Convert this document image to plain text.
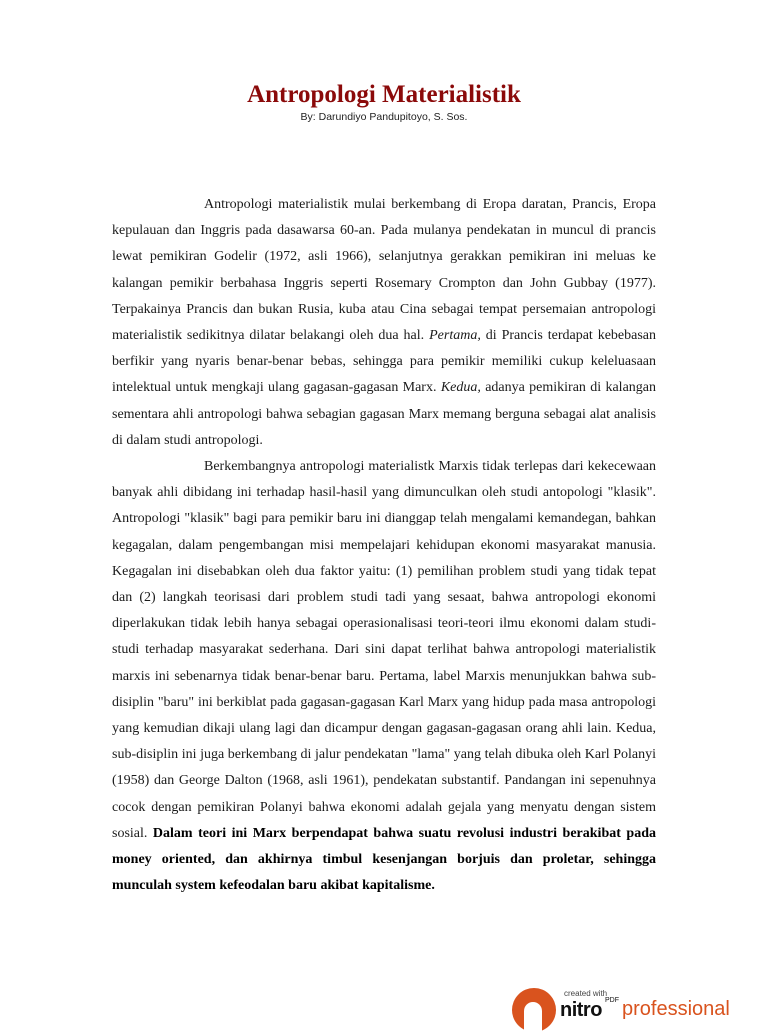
Antropologi Materialistik
By: Darundiyo Pandupitoyo, S. Sos.

Antropologi materialistik mulai berkembang di Eropa daratan, Prancis, Eropa kepulauan dan Inggris pada dasawarsa 60-an. Pada mulanya pendekatan in muncul di prancis lewat pemikiran Godelir (1972, asli 1966), selanjutnya gerakkan pemikiran ini meluas ke kalangan pemikir berbahasa Inggris seperti Rosemary Crompton dan John Gubbay (1977). Terpakainya Prancis dan bukan Rusia, kuba atau Cina sebagai tempat persemaian antropologi materialistik sedikitnya dilatar belakangi oleh dua hal. Pertama, di Prancis terdapat kebebasan berfikir yang nyaris benar-benar bebas, sehingga para pemikir memiliki cukup keleluasaan intelektual untuk mengkaji ulang gagasan-gagasan Marx. Kedua, adanya pemikiran di kalangan sementara ahli antropologi bahwa sebagian gagasan Marx memang berguna sebagai alat analisis di dalam studi antropologi.

Berkembangnya antropologi materialistk Marxis tidak terlepas dari kekecewaan banyak ahli dibidang ini terhadap hasil-hasil yang dimunculkan oleh studi antopologi "klasik". Antropologi "klasik" bagi para pemikir baru ini dianggap telah mengalami kemandegan, bahkan kegagalan, dalam pengembangan misi mempelajari kehidupan ekonomi masyarakat manusia. Kegagalan ini disebabkan oleh dua faktor yaitu: (1) pemilihan problem studi yang tidak tepat dan (2) langkah teorisasi dari problem studi tadi yang sesaat, bahwa antropologi ekonomi diperlakukan tidak lebih hanya sebagai operasionalisasi teori-teori ilmu ekonomi dalam studi-studi terhadap masyarakat sederhana. Dari sini dapat terlihat bahwa antropologi materialistik marxis ini sebenarnya tidak benar-benar baru. Pertama, label Marxis menunjukkan bahwa sub-disiplin "baru" ini berkiblat pada gagasan-gagasan Karl Marx yang hidup pada masa antropologi yang kemudian dikaji ulang lagi dan dicampur dengan gagasan-gagasan orang ahli lain. Kedua, sub-disiplin ini juga berkembang di jalur pendekatan "lama" yang telah dibuka oleh Karl Polanyi (1958) dan George Dalton (1968, asli 1961), pendekatan substantif. Pandangan ini sepenuhnya cocok dengan pemikiran Polanyi bahwa ekonomi adalah gejala yang menyatu dengan sistem sosial. Dalam teori ini Marx berpendapat bahwa suatu revolusi industri berakibat pada money oriented, dan akhirnya timbul kesenjangan borjuis dan proletar, sehingga munculah system kefeodalan baru akibat kapitalisme.

created with
nitro PDF professional
